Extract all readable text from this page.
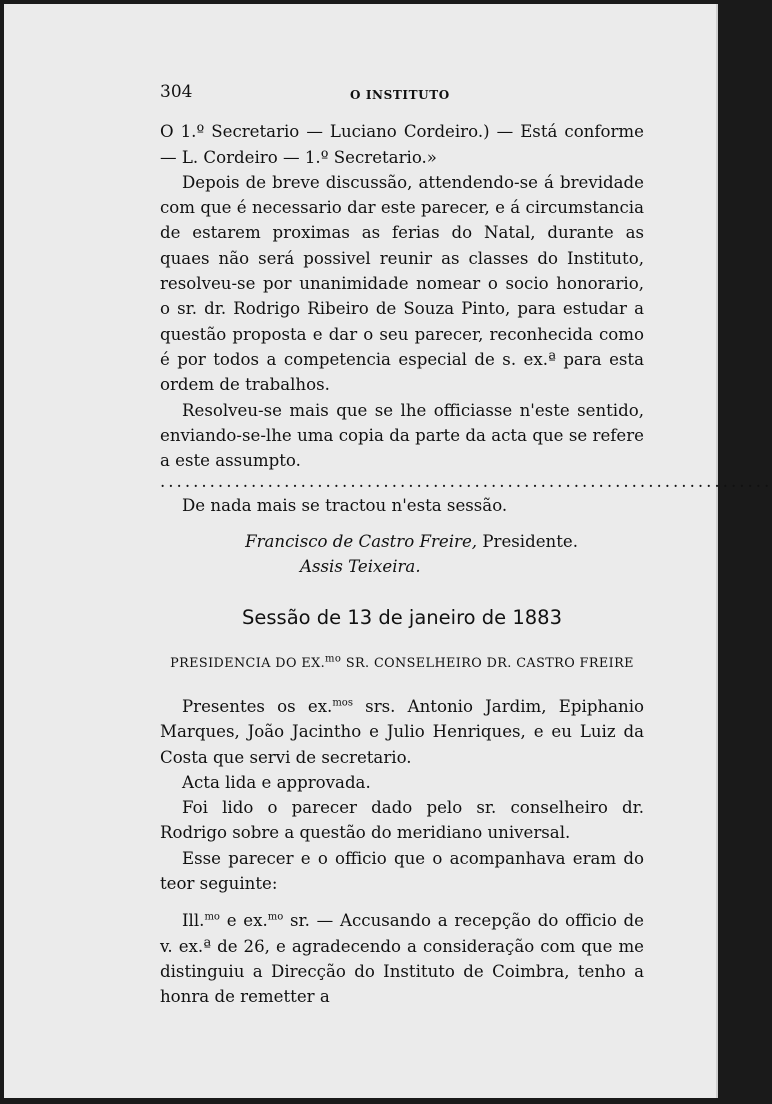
304	O INSTITUTO

O 1.º Secretario — Luciano Cordeiro.) — Está conforme — L. Cordeiro — 1.º Secretario.»

Depois de breve discussão, attendendo-se á brevidade com que é necessario dar este parecer, e á circumstancia de estarem proximas as ferias do Natal, durante as quaes não será possivel reunir as classes do Instituto, resolveu-se por unanimidade nomear o socio honorario, o sr. dr. Rodrigo Ribeiro de Souza Pinto, para estudar a questão proposta e dar o seu parecer, reconhecida como é por todos a competencia especial de s. ex.ª para esta ordem de trabalhos.

Resolveu-se mais que se lhe officiasse n'este sentido, enviando-se-lhe uma copia da parte da acta que se refere a este assumpto.

..........................................................................

De nada mais se tractou n'esta sessão.

Francisco de Castro Freire, Presidente.
Assis Teixeira.
Sessão de 13 de janeiro de 1883
PRESIDENCIA DO EX.$^{mo}$ SR. CONSELHEIRO DR. CASTRO FREIRE

Presentes os ex.$^{mos}$ srs. Antonio Jardim, Epiphanio Marques, João Jacintho e Julio Henriques, e eu Luiz da Costa que servi de secretario.

Acta lida e approvada.

Foi lido o parecer dado pelo sr. conselheiro dr. Rodrigo sobre a questão do meridiano universal.

Esse parecer e o officio que o acompanhava eram do teor seguinte:

Ill.$^{mo}$ e ex.$^{mo}$ sr. — Accusando a recepção do officio de v. ex.ª de 26, e agradecendo a consideração com que me distinguiu a Direcção do Instituto de Coimbra, tenho a honra de remetter a
